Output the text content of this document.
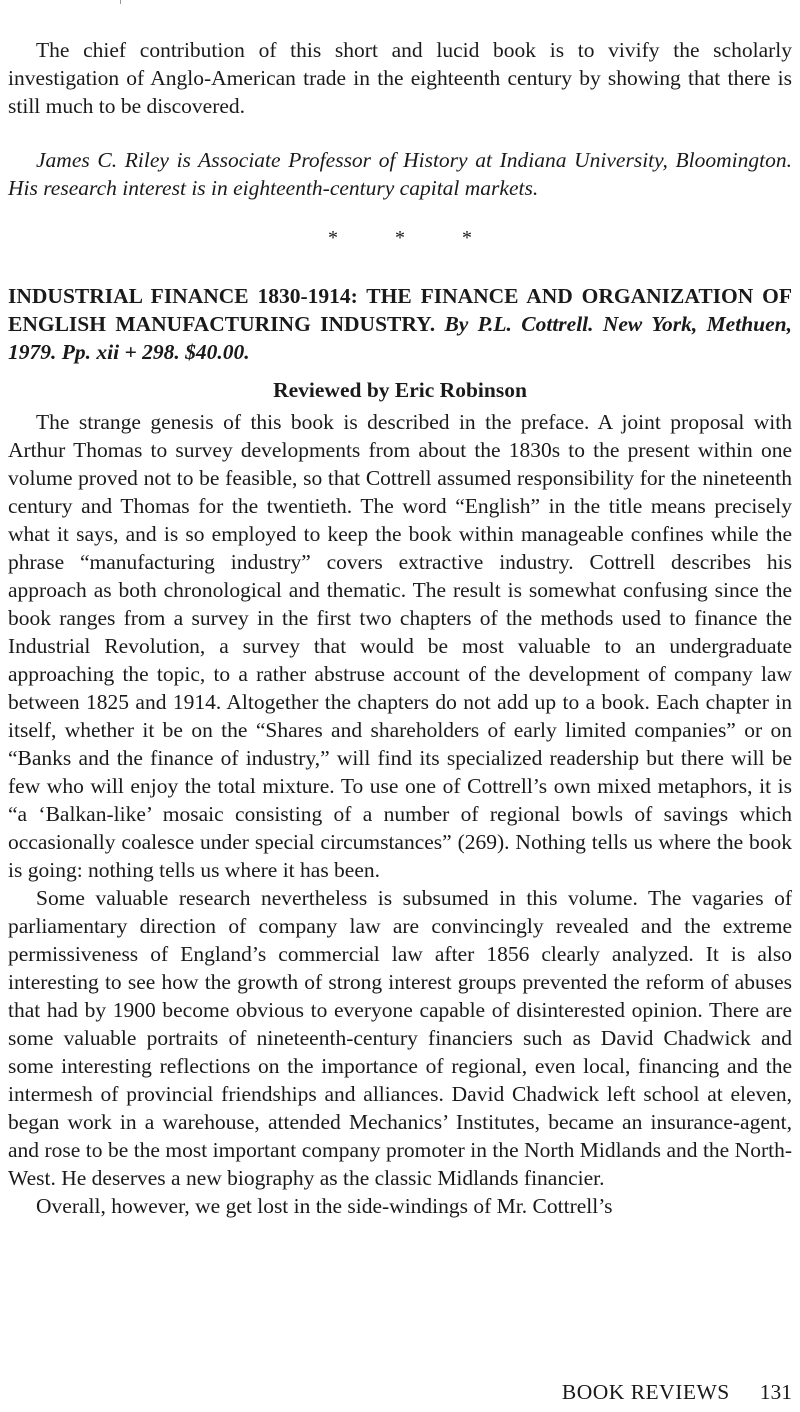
The chief contribution of this short and lucid book is to vivify the scholarly investigation of Anglo-American trade in the eighteenth century by showing that there is still much to be discovered.

James C. Riley is Associate Professor of History at Indiana University, Bloomington. His research interest is in eighteenth-century capital markets.

* * *
INDUSTRIAL FINANCE 1830-1914: THE FINANCE AND ORGANIZATION OF ENGLISH MANUFACTURING INDUSTRY. By P.L. Cottrell. New York, Methuen, 1979. Pp. xii + 298. $40.00.
Reviewed by Eric Robinson

The strange genesis of this book is described in the preface. A joint proposal with Arthur Thomas to survey developments from about the 1830s to the present within one volume proved not to be feasible, so that Cottrell assumed responsibility for the nineteenth century and Thomas for the twentieth. The word “English” in the title means precisely what it says, and is so employed to keep the book within manageable confines while the phrase “manufacturing industry” covers extractive industry. Cottrell describes his approach as both chronological and thematic. The result is somewhat confusing since the book ranges from a survey in the first two chapters of the methods used to finance the Industrial Revolution, a survey that would be most valuable to an undergraduate approaching the topic, to a rather abstruse account of the development of company law between 1825 and 1914. Altogether the chapters do not add up to a book. Each chapter in itself, whether it be on the “Shares and shareholders of early limited companies” or on “Banks and the finance of industry,” will find its specialized readership but there will be few who will enjoy the total mixture. To use one of Cottrell’s own mixed metaphors, it is “a ‘Balkan-like’ mosaic consisting of a number of regional bowls of savings which occasionally coalesce under special circumstances” (269). Nothing tells us where the book is going: nothing tells us where it has been.

Some valuable research nevertheless is subsumed in this volume. The vagaries of parliamentary direction of company law are convincingly revealed and the extreme permissiveness of England’s commercial law after 1856 clearly analyzed. It is also interesting to see how the growth of strong interest groups prevented the reform of abuses that had by 1900 become obvious to everyone capable of disinterested opinion. There are some valuable portraits of nineteenth-century financiers such as David Chadwick and some interesting reflections on the importance of regional, even local, financing and the intermesh of provincial friendships and alliances. David Chadwick left school at eleven, began work in a warehouse, attended Mechanics’ Institutes, became an insurance-agent, and rose to be the most important company promoter in the North Midlands and the North-West. He deserves a new biography as the classic Midlands financier.

Overall, however, we get lost in the side-windings of Mr. Cottrell’s

BOOK REVIEWS 131
